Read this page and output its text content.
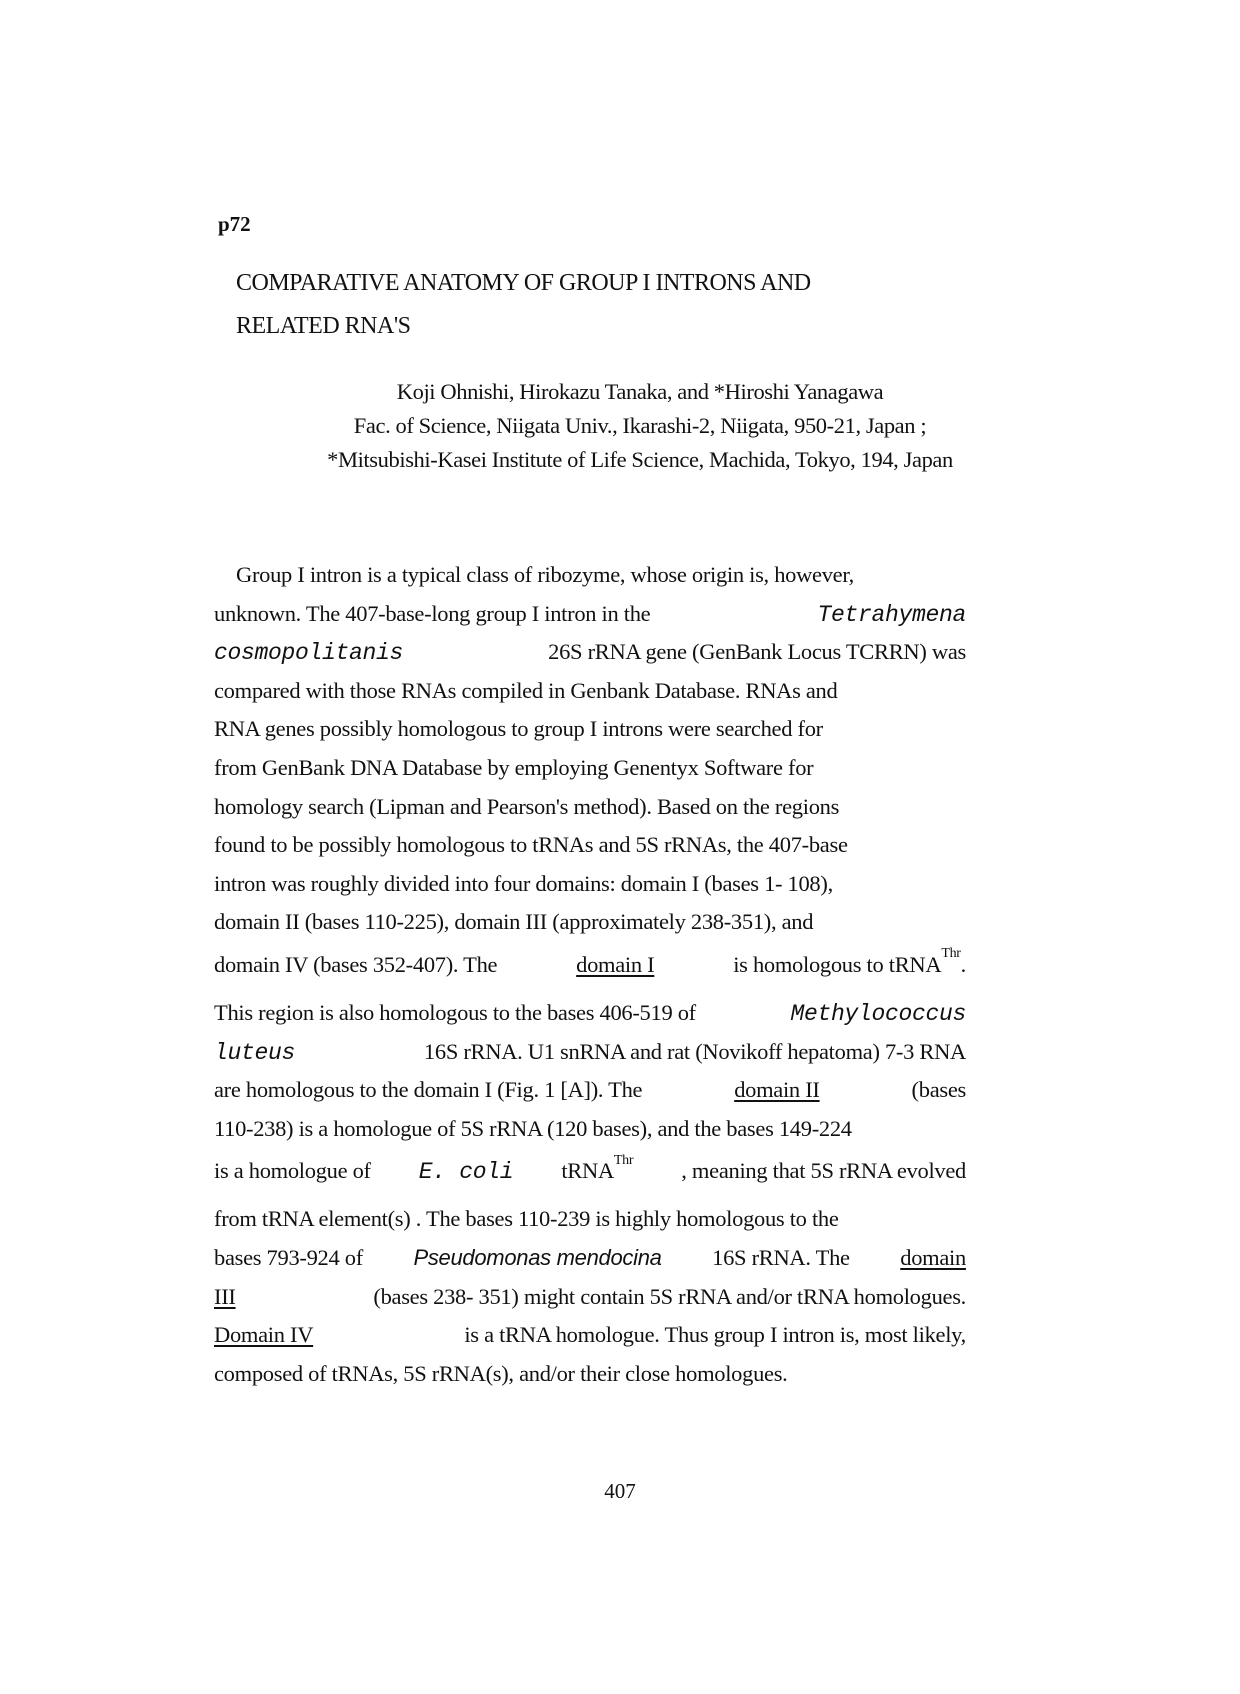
p72
COMPARATIVE ANATOMY OF GROUP I INTRONS AND
RELATED RNA'S
Koji Ohnishi, Hirokazu Tanaka, and *Hiroshi Yanagawa
Fac. of Science, Niigata Univ., Ikarashi-2, Niigata, 950-21, Japan ;
*Mitsubishi-Kasei Institute of Life Science, Machida, Tokyo, 194, Japan
Group I intron is a typical class of ribozyme, whose origin is, however,
unknown. The 407-base-long group I intron in the	Tetrahymena
cosmopolitanis	26S rRNA gene (GenBank Locus TCRRN) was
compared with those RNAs compiled in Genbank Database. RNAs and
RNA genes possibly homologous to group I introns were searched for
from GenBank DNA Database by employing Genentyx Software for
homology search (Lipman and Pearson's method). Based on the regions
found to be possibly homologous to tRNAs and 5S rRNAs, the 407-base
intron was roughly divided into four domains: domain I (bases 1- 108),
domain II (bases 110-225), domain III (approximately 238-351), and
domain IV (bases 352-407). The	domain I	is homologous to tRNA$^{Thr}$.
This region is also homologous to the bases 406-519 of	Methylococcus
luteus	16S rRNA. U1 snRNA and rat (Novikoff hepatoma) 7-3 RNA
are homologous to the domain I (Fig. 1 [A]). The	domain II	(bases
110-238) is a homologue of 5S rRNA (120 bases), and the bases 149-224
is a homologue of E. coli tRNA$^{Thr}$ , meaning that 5S rRNA evolved
from tRNA element(s) . The bases 110-239 is highly homologous to the
bases 793-924 of Pseudomonas mendocina 16S rRNA. The domain
III	(bases 238- 351) might contain 5S rRNA and/or tRNA homologues.
Domain IV	is a tRNA homologue. Thus group I intron is, most likely,
composed of tRNAs, 5S rRNA(s), and/or their close homologues.
407
